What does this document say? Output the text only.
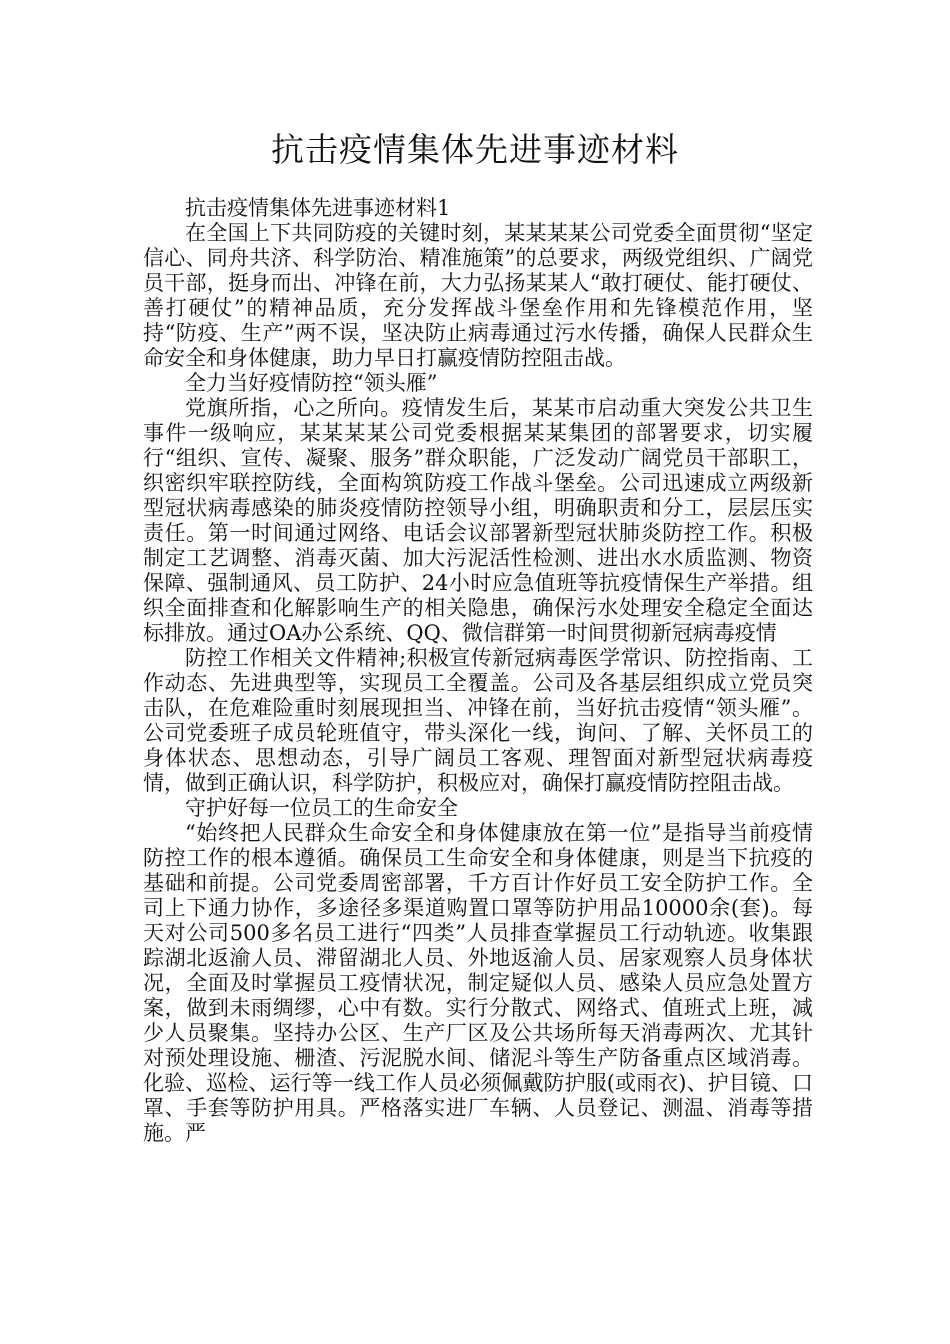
抗击疫情集体先进事迹材料

抗击疫情集体先进事迹材料1

在全国上下共同防疫的关键时刻，某某某某公司党委全面贯彻“坚定信心、同舟共济、科学防治、精准施策”的总要求，两级党组织、广阔党员干部，挺身而出、冲锋在前，大力弘扬某某人“敢打硬仗、能打硬仗、善打硬仗”的精神品质，充分发挥战斗堡垒作用和先锋模范作用，坚持“防疫、生产”两不误，坚决防止病毒通过污水传播，确保人民群众生命安全和身体健康，助力早日打赢疫情防控阻击战。

全力当好疫情防控“领头雁”

党旗所指，心之所向。疫情发生后，某某市启动重大突发公共卫生事件一级响应，某某某某公司党委根据某某集团的部署要求，切实履行“组织、宣传、凝聚、服务”群众职能，广泛发动广阔党员干部职工，织密织牢联控防线，全面构筑防疫工作战斗堡垒。公司迅速成立两级新型冠状病毒感染的肺炎疫情防控领导小组，明确职责和分工，层层压实责任。第一时间通过网络、电话会议部署新型冠状肺炎防控工作。积极制定工艺调整、消毒灭菌、加大污泥活性检测、进出水水质监测、物资保障、强制通风、员工防护、24小时应急值班等抗疫情保生产举措。组织全面排查和化解影响生产的相关隐患，确保污水处理安全稳定全面达标排放。通过OA办公系统、QQ、微信群第一时间贯彻新冠病毒疫情

防控工作相关文件精神;积极宣传新冠病毒医学常识、防控指南、工作动态、先进典型等，实现员工全覆盖。公司及各基层组织成立党员突击队，在危难险重时刻展现担当、冲锋在前，当好抗击疫情“领头雁”。公司党委班子成员轮班值守，带头深化一线，询问、了解、关怀员工的身体状态、思想动态，引导广阔员工客观、理智面对新型冠状病毒疫情，做到正确认识，科学防护，积极应对，确保打赢疫情防控阻击战。

守护好每一位员工的生命安全

“始终把人民群众生命安全和身体健康放在第一位”是指导当前疫情防控工作的根本遵循。确保员工生命安全和身体健康，则是当下抗疫的基础和前提。公司党委周密部署，千方百计作好员工安全防护工作。全司上下通力协作，多途径多渠道购置口罩等防护用品10000余(套)。每天对公司500多名员工进行“四类”人员排查掌握员工行动轨迹。收集跟踪湖北返渝人员、滞留湖北人员、外地返渝人员、居家观察人员身体状况，全面及时掌握员工疫情状况，制定疑似人员、感染人员应急处置方案，做到未雨绸缪，心中有数。实行分散式、网络式、值班式上班，减少人员聚集。坚持办公区、生产厂区及公共场所每天消毒两次、尤其针对预处理设施、栅渣、污泥脱水间、储泥斗等生产防备重点区域消毒。化验、巡检、运行等一线工作人员必须佩戴防护服(或雨衣)、护目镜、口罩、手套等防护用具。严格落实进厂车辆、人员登记、测温、消毒等措施。严
